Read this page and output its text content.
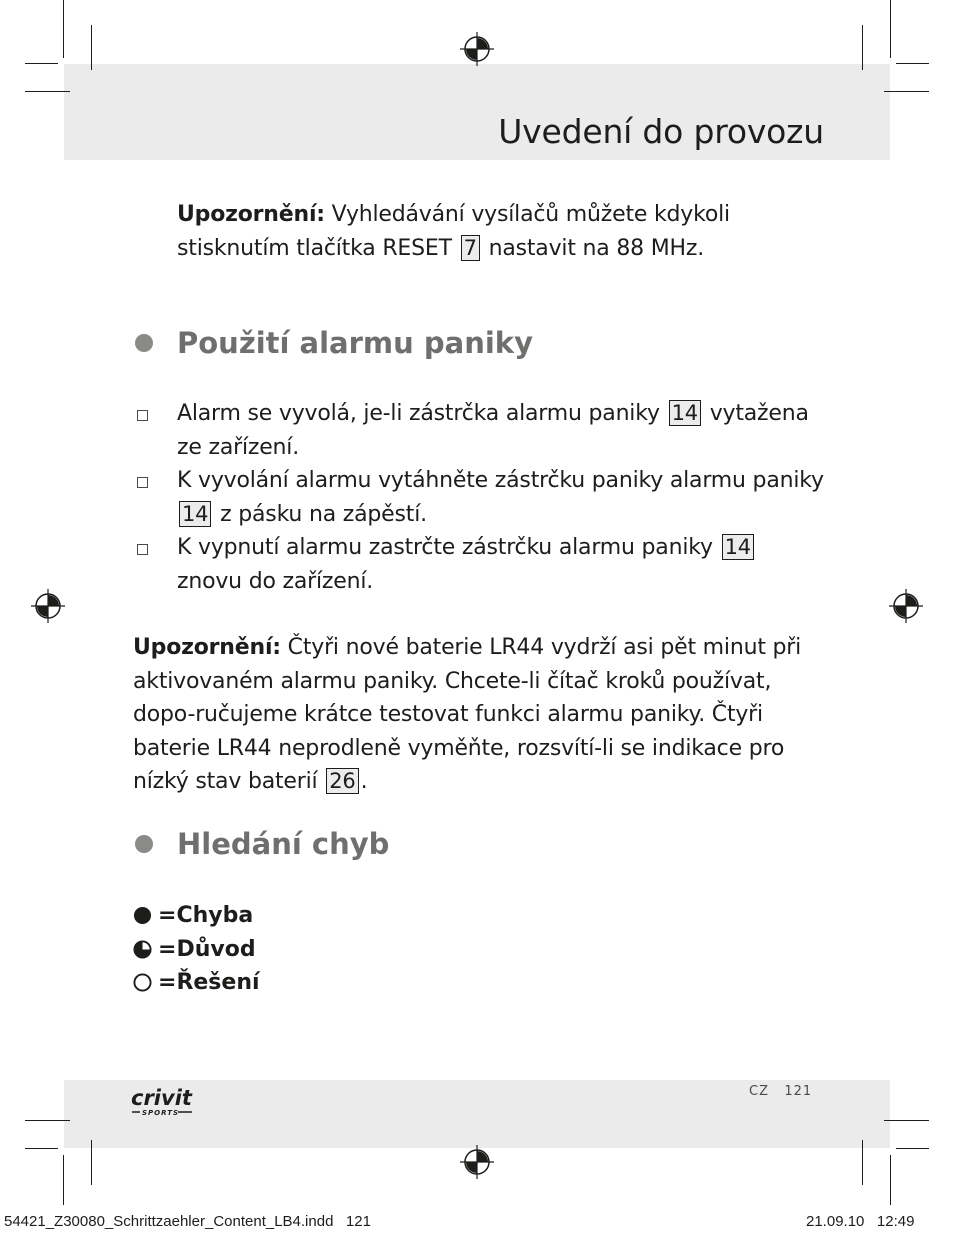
Uvedení do provozu
Upozornění: Vyhledávání vysílačů můžete kdykoli stisknutím tlačítka RESET 7 nastavit na 88 MHz.
Použití alarmu paniky
Alarm se vyvolá, je-li zástrčka alarmu paniky 14 vytažena ze zařízení.
K vyvolání alarmu vytáhněte zástrčku paniky alarmu paniky 14 z pásku na zápěstí.
K vypnutí alarmu zastrčte zástrčku alarmu paniky 14 znovu do zařízení.
Upozornění: Čtyři nové baterie LR44 vydrží asi pět minut při aktivovaném alarmu paniky. Chcete-li čítač kroků používat, dopo-ručujeme krátce testovat funkci alarmu paniky. Čtyři baterie LR44 neprodleně vyměňte, rozsvítí-li se indikace pro nízký stav baterií 26 .
Hledání chyb
= Chyba
= Důvod
= Řešení
crivit
SPORTS
CZ 121
54421_Z30080_Schrittzaehler_Content_LB4.indd   121	21.09.10 12:49
